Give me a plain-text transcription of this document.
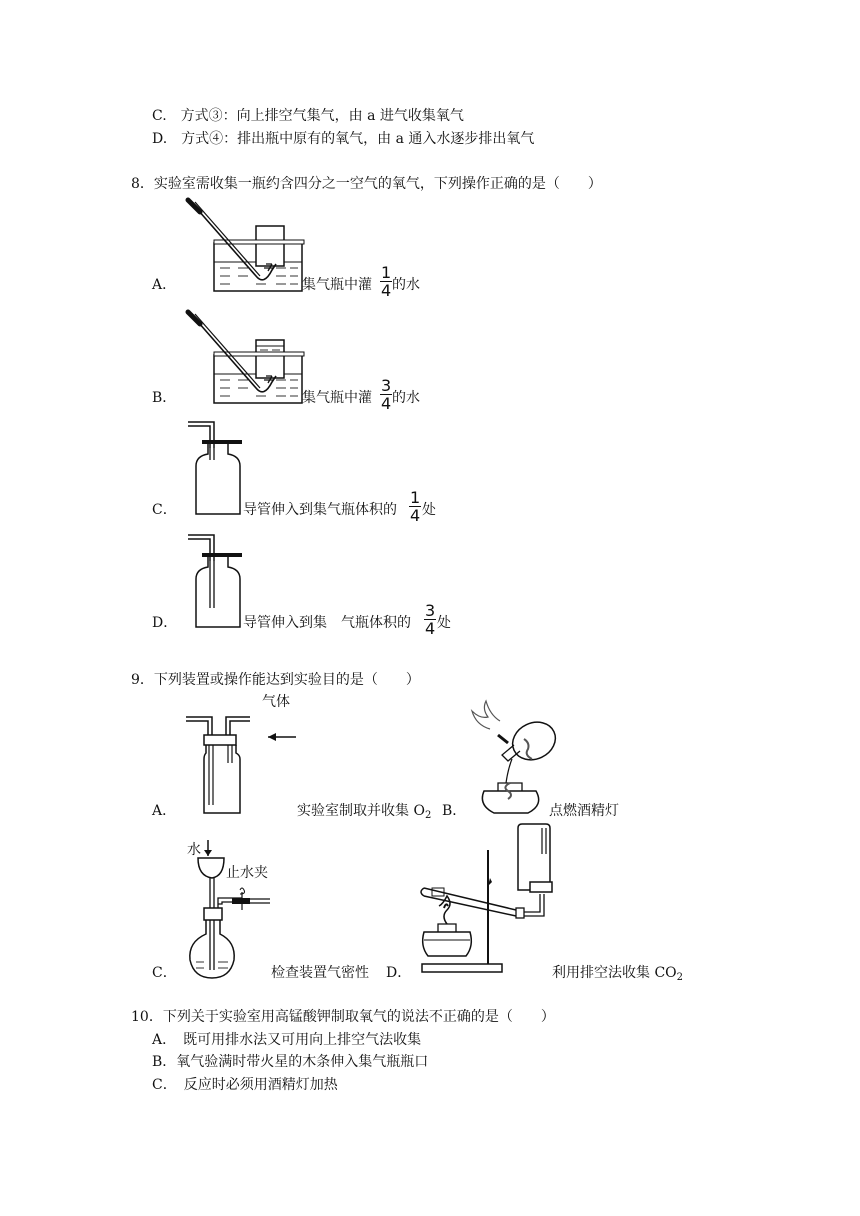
C.　方式③：向上排空气集气，由 a 进气收集氧气
D.　方式④：排出瓶中原有的氧气，由 a 通入水逐步排出氧气
8．实验室需收集一瓶约含四分之一空气的氧气，下列操作正确的是（　　）
A．	集气瓶中灌 $\frac{1}{4}$ 的水
B．	集气瓶中灌 $\frac{3}{4}$ 的水
C．	导管伸入到集气瓶体积的 $\frac{1}{4}$ 处
D．	导管伸入到集　气瓶体积的 $\frac{3}{4}$ 处
9．下列装置或操作能达到实验目的是（　　）
A．
气体
实验室制取并收集 $O_2$ B．	点燃酒精灯
C．
水
止水夹
检查装置气密性 D．	利用排空法收集 $CO_2$
10．下列关于实验室用高锰酸钾制取氧气的说法不正确的是（　　）
A．　既可用排水法又可用向上排空气法收集
B．氧气验满时带火星的木条伸入集气瓶瓶口
C．　反应时必须用酒精灯加热
